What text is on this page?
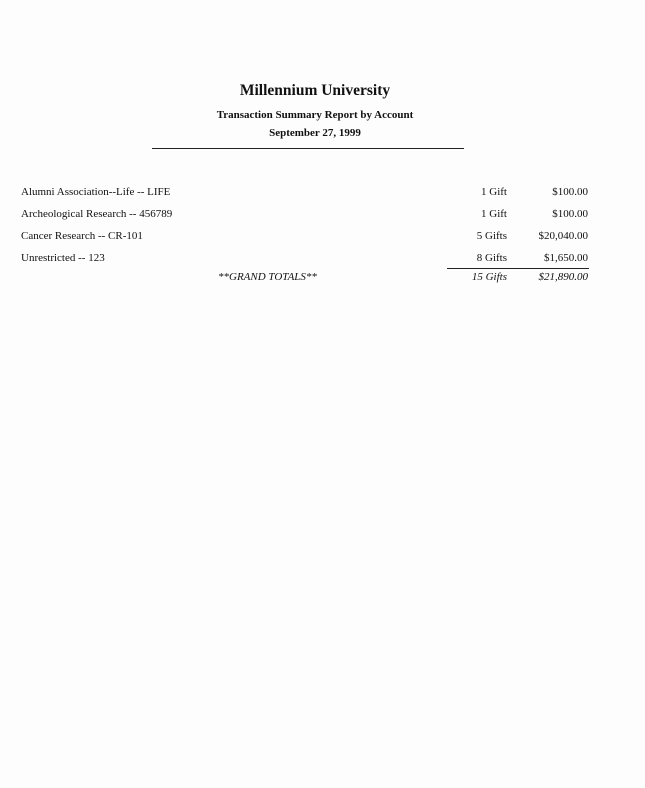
Millennium University
Transaction Summary Report by Account
September 27, 1999
Alumni Association--Life -- LIFE	1 Gift	$100.00
Archeological Research -- 456789	1 Gift	$100.00
Cancer Research -- CR-101	5 Gifts	$20,040.00
Unrestricted -- 123	8 Gifts	$1,650.00
**GRAND TOTALS**	15 Gifts	$21,890.00
